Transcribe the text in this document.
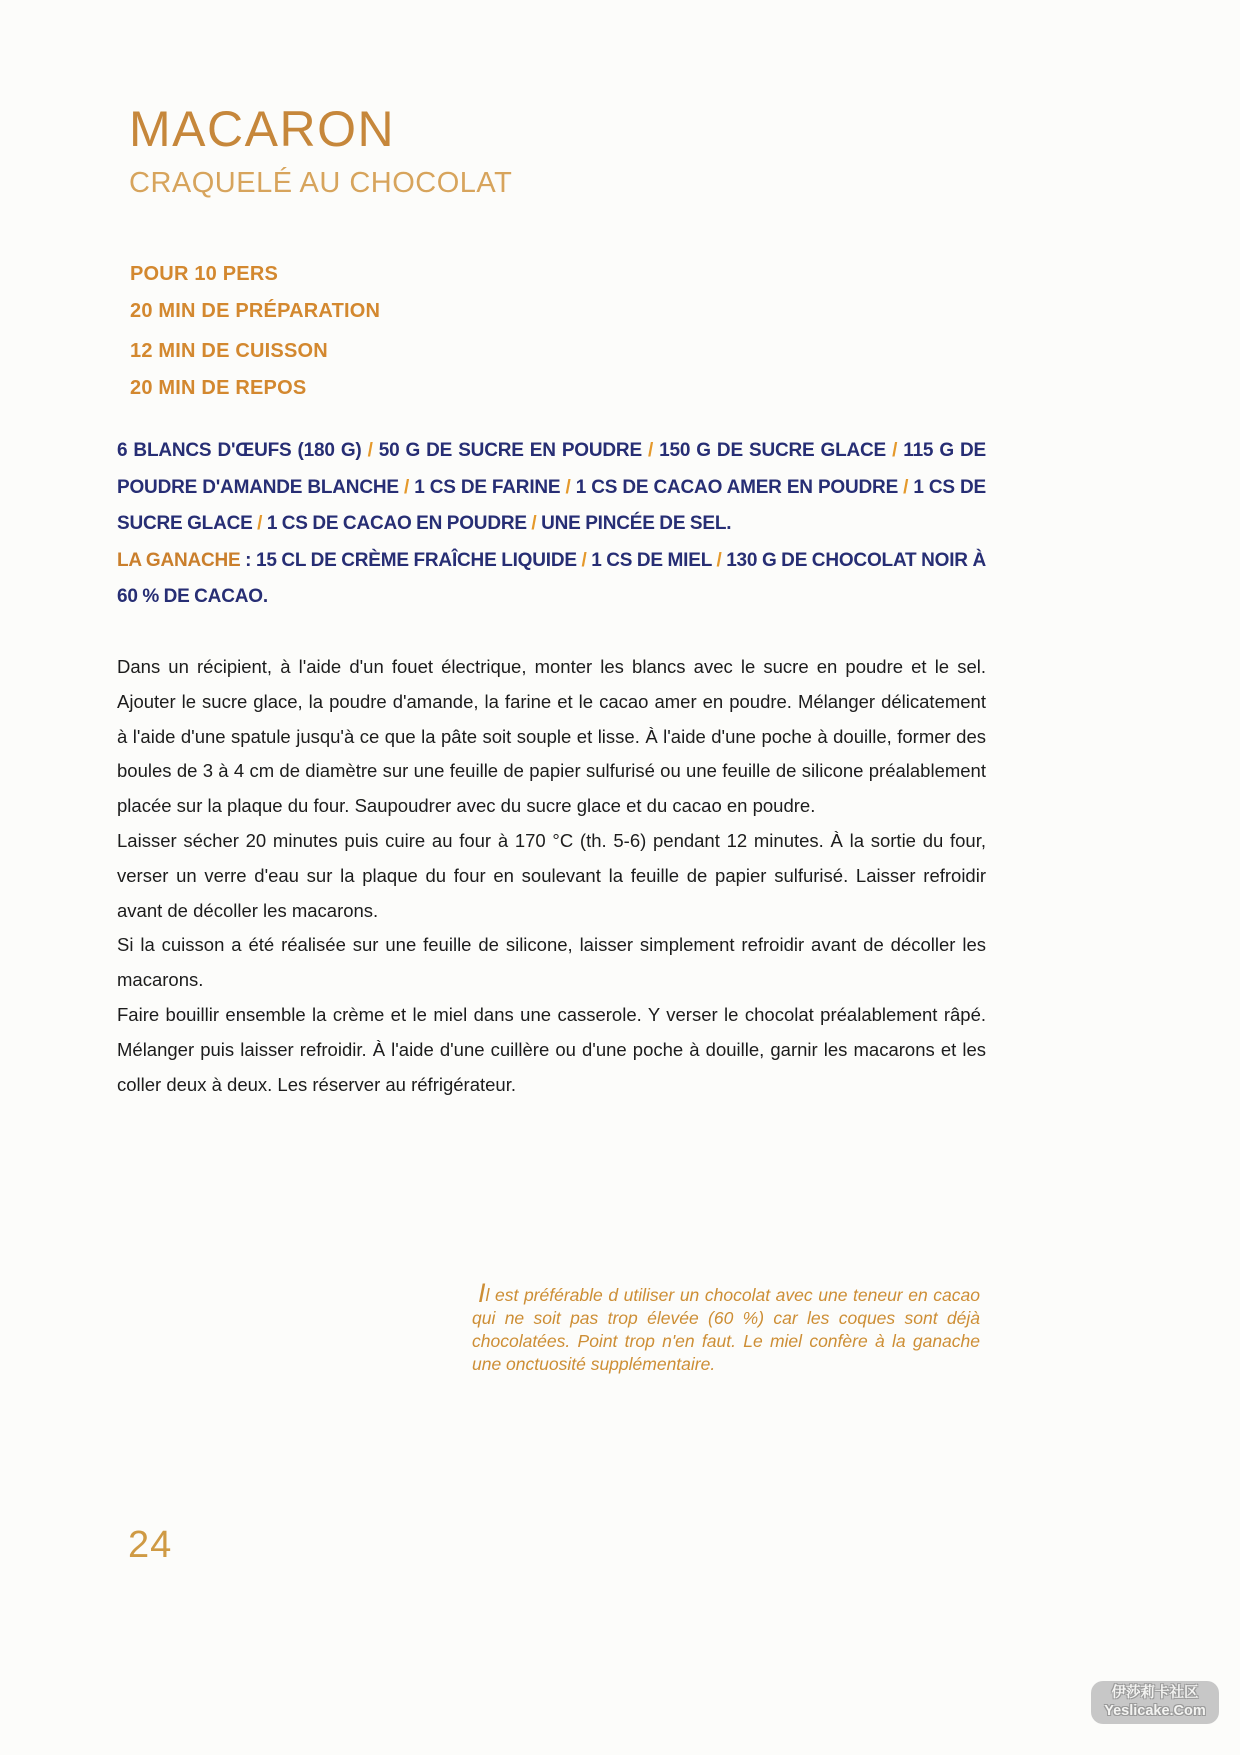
MACARON
CRAQUELÉ AU CHOCOLAT
POUR 10 PERS
20 MIN DE PRÉPARATION
12 MIN DE CUISSON
20 MIN DE REPOS

6 BLANCS D'ŒUFS (180 G) / 50 G DE SUCRE EN POUDRE / 150 G DE SUCRE GLACE / 115 G DE POUDRE D'AMANDE BLANCHE / 1 CS DE FARINE / 1 CS DE CACAO AMER EN POUDRE / 1 CS DE SUCRE GLACE / 1 CS DE CACAO EN POUDRE / UNE PINCÉE DE SEL.

LA GANACHE : 15 CL DE CRÈME FRAÎCHE LIQUIDE / 1 CS DE MIEL / 130 G DE CHOCOLAT NOIR À 60 % DE CACAO.

Dans un récipient, à l'aide d'un fouet électrique, monter les blancs avec le sucre en poudre et le sel. Ajouter le sucre glace, la poudre d'amande, la farine et le cacao amer en poudre. Mélanger délicatement à l'aide d'une spatule jusqu'à ce que la pâte soit souple et lisse. À l'aide d'une poche à douille, former des boules de 3 à 4 cm de diamètre sur une feuille de papier sulfurisé ou une feuille de silicone préalablement placée sur la plaque du four. Saupoudrer avec du sucre glace et du cacao en poudre.

Laisser sécher 20 minutes puis cuire au four à 170 °C (th. 5-6) pendant 12 minutes. À la sortie du four, verser un verre d'eau sur la plaque du four en soulevant la feuille de papier sulfurisé. Laisser refroidir avant de décoller les macarons.

Si la cuisson a été réalisée sur une feuille de silicone, laisser simplement refroidir avant de décoller les macarons.

Faire bouillir ensemble la crème et le miel dans une casserole. Y verser le chocolat préalablement râpé. Mélanger puis laisser refroidir. À l'aide d'une cuillère ou d'une poche à douille, garnir les macarons et les coller deux à deux. Les réserver au réfrigérateur.

Il est préférable d utiliser un chocolat avec une teneur en cacao qui ne soit pas trop élevée (60 %) car les coques sont déjà chocolatées. Point trop n'en faut. Le miel confère à la ganache une onctuosité supplémentaire.
24
伊莎莉卡社区
Yeslicake.Com
